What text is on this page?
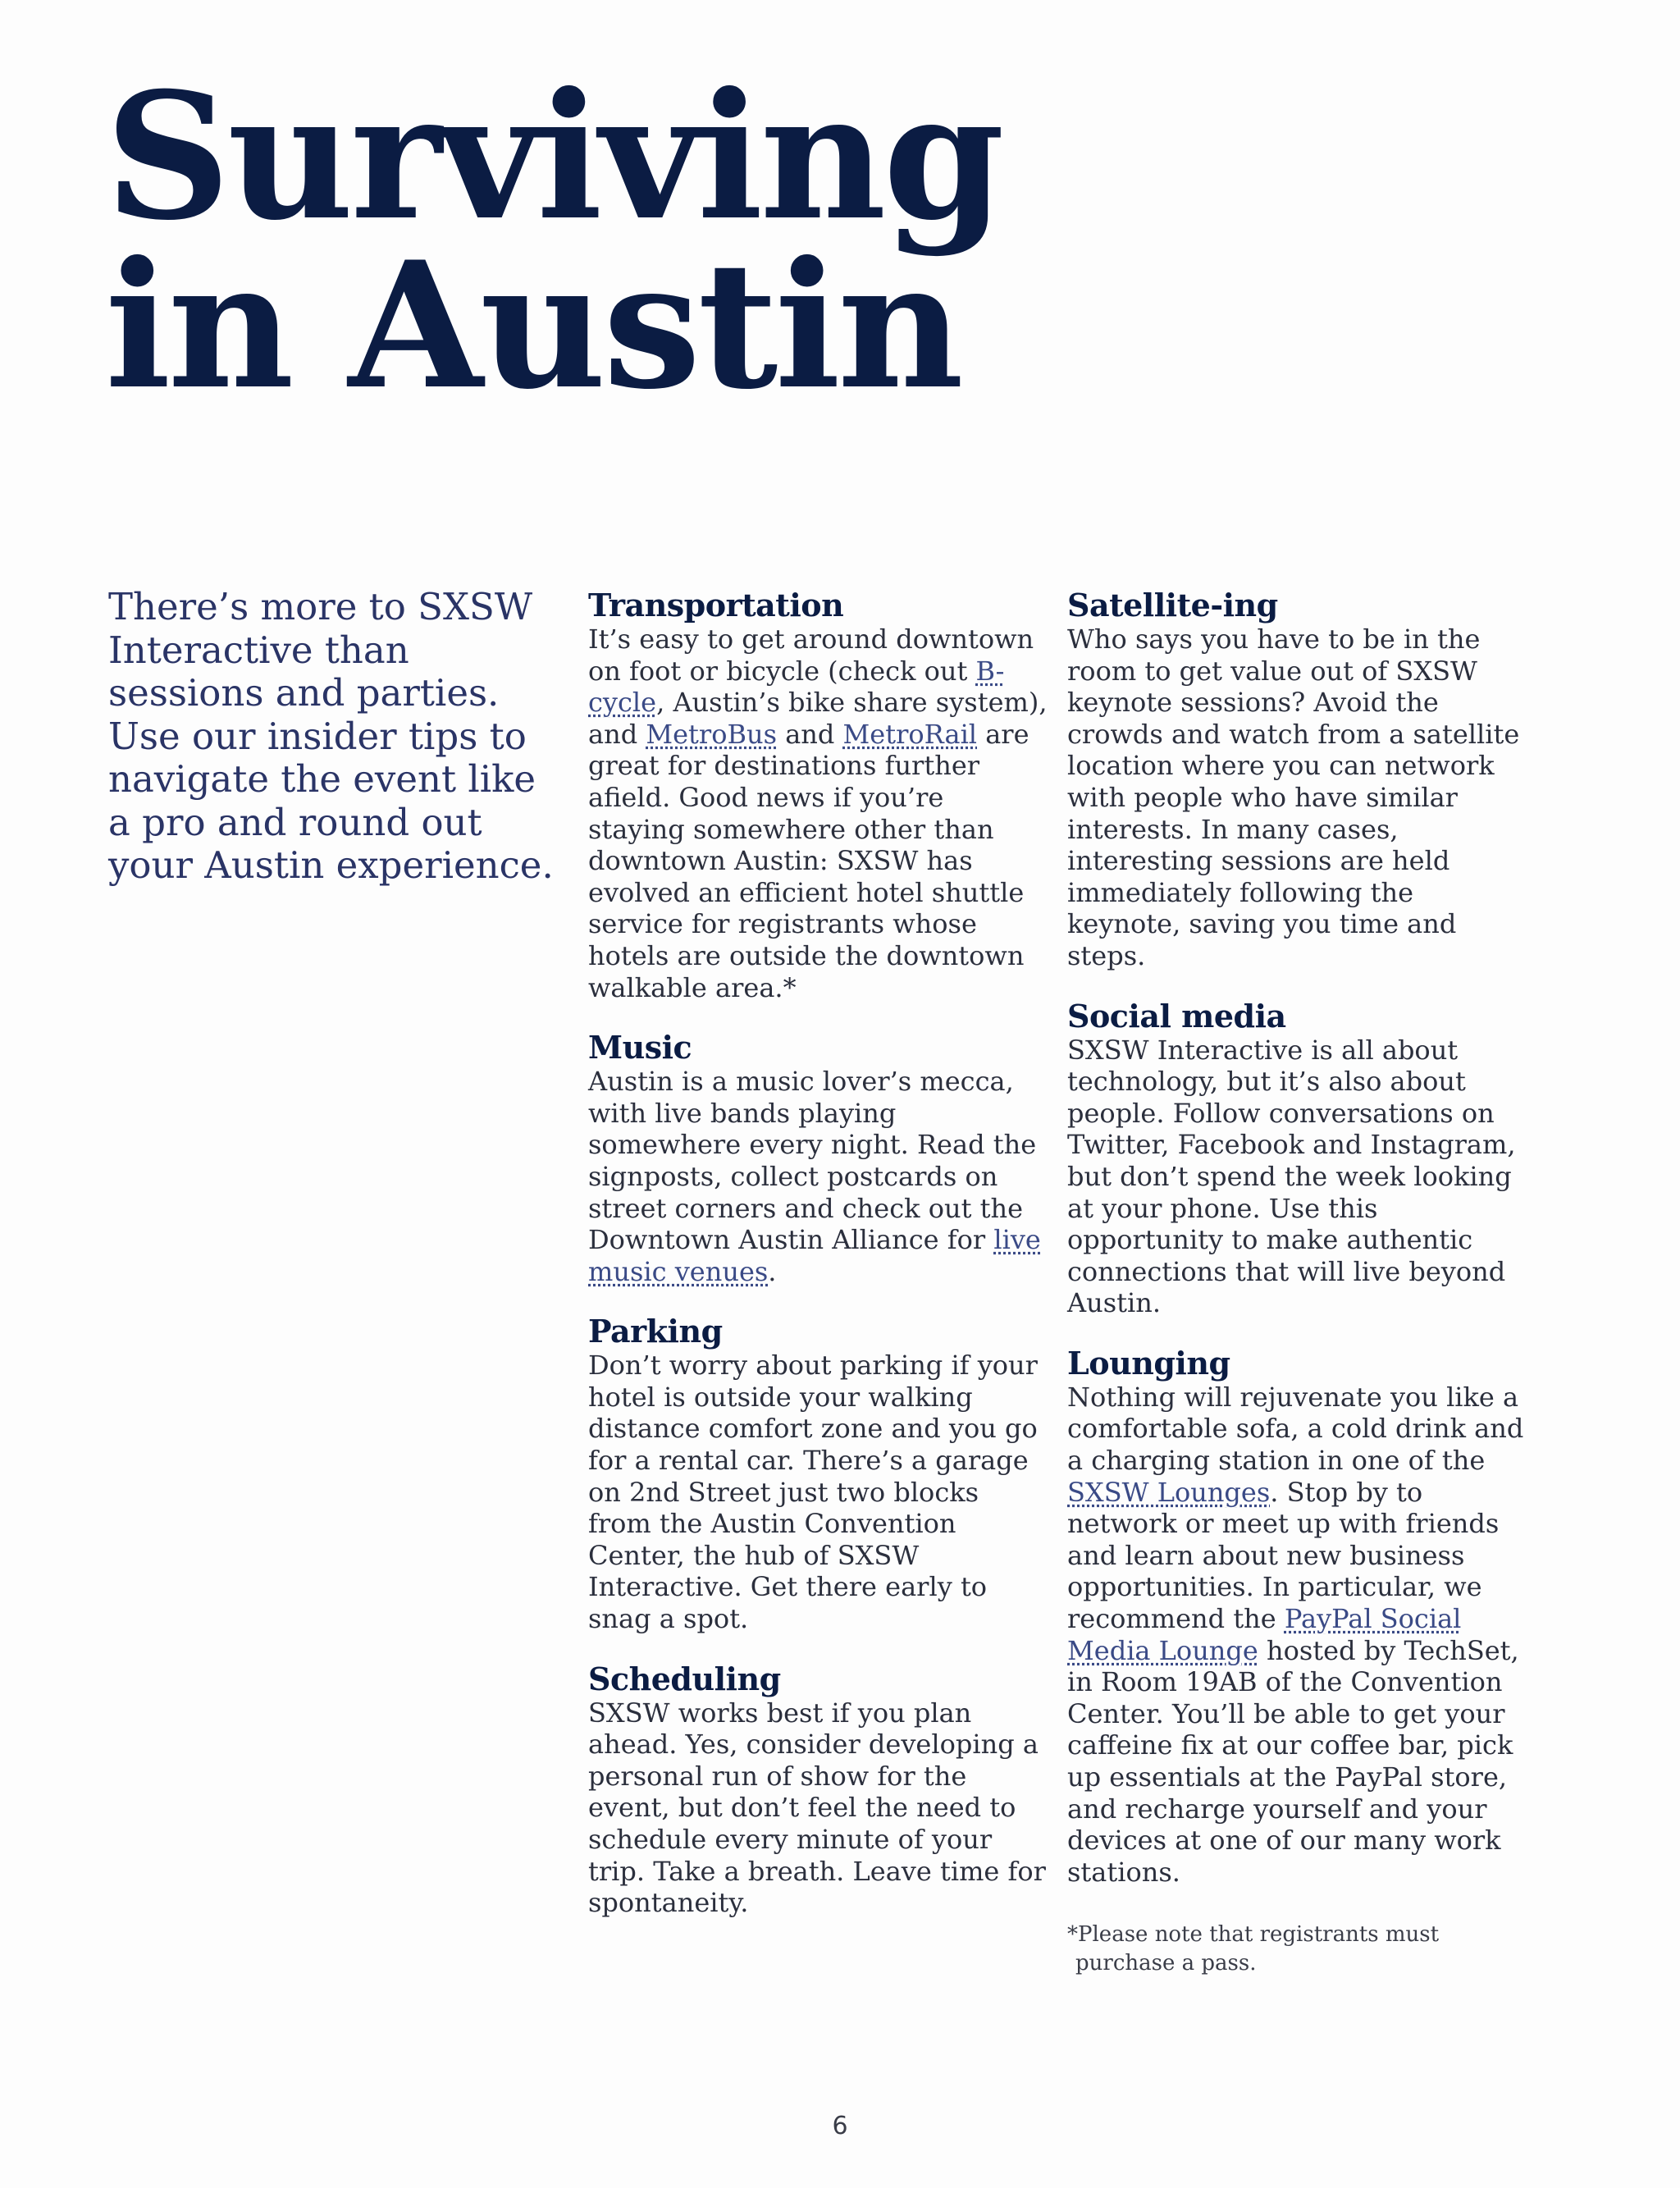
Surviving
in Austin
There’s more to SXSW Interactive than sessions and parties. Use our insider tips to navigate the event like a pro and round out your Austin experience.
Transportation

It’s easy to get around downtown on foot or bicycle (check out B-cycle, Austin’s bike share system), and MetroBus and MetroRail are great for destinations further afield. Good news if you’re staying somewhere other than downtown Austin: SXSW has evolved an efficient hotel shuttle service for registrants whose hotels are outside the downtown walkable area.*

Music

Austin is a music lover’s mecca, with live bands playing somewhere every night. Read the signposts, collect postcards on street corners and check out the Downtown Austin Alliance for live music venues.

Parking

Don’t worry about parking if your hotel is outside your walking distance comfort zone and you go for a rental car. There’s a garage on 2nd Street just two blocks from the Austin Convention Center, the hub of SXSW Interactive. Get there early to snag a spot.

Scheduling

SXSW works best if you plan ahead. Yes, consider developing a personal run of show for the event, but don’t feel the need to schedule every minute of your trip. Take a breath. Leave time for spontaneity.

Satellite-ing

Who says you have to be in the room to get value out of SXSW keynote sessions? Avoid the crowds and watch from a satellite location where you can network with people who have similar interests. In many cases, interesting sessions are held immediately following the keynote, saving you time and steps.

Social media

SXSW Interactive is all about technology, but it’s also about people. Follow conversations on Twitter, Facebook and Instagram, but don’t spend the week looking at your phone. Use this opportunity to make authentic connections that will live beyond Austin.

Lounging

Nothing will rejuvenate you like a comfortable sofa, a cold drink and a charging station in one of the SXSW Lounges. Stop by to network or meet up with friends and learn about new business opportunities. In particular, we recommend the PayPal Social Media Lounge hosted by TechSet, in Room 19AB of the Convention Center. You’ll be able to get your caffeine fix at our coffee bar, pick up essentials at the PayPal store, and recharge yourself and your devices at one of our many work stations.

*Please note that registrants must
purchase a pass.
6
